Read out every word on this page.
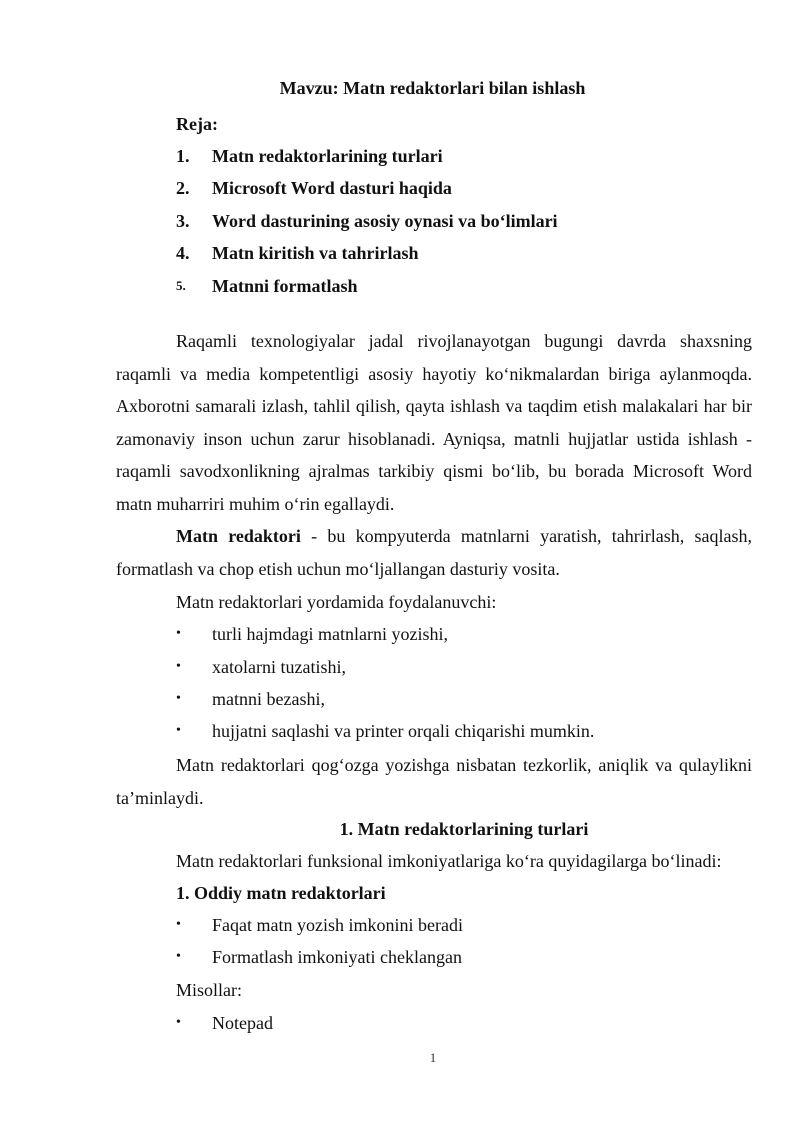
Mavzu: Matn redaktorlari bilan ishlash
Reja:
1.	Matn redaktorlarining turlari
2.	Microsoft Word dasturi haqida
3.	Word dasturining asosiy oynasi va bo‘limlari
4.	Matn kiritish va tahrirlash
5.	Matnni formatlash
Raqamli texnologiyalar jadal rivojlanayotgan bugungi davrda shaxsning raqamli va media kompetentligi asosiy hayotiy ko‘nikmalardan biriga aylanmoqda. Axborotni samarali izlash, tahlil qilish, qayta ishlash va taqdim etish malakalari har bir zamonaviy inson uchun zarur hisoblanadi. Ayniqsa, matnli hujjatlar ustida ishlash - raqamli savodxonlikning ajralmas tarkibiy qismi bo‘lib, bu borada Microsoft Word matn muharriri muhim o‘rin egallaydi.
Matn redaktori - bu kompyuterda matnlarni yaratish, tahrirlash, saqlash, formatlash va chop etish uchun mo‘ljallangan dasturiy vosita.
Matn redaktorlari yordamida foydalanuvchi:
•	turli hajmdagi matnlarni yozishi,
•	xatolarni tuzatishi,
•	matnni bezashi,
•	hujjatni saqlashi va printer orqali chiqarishi mumkin.
Matn redaktorlari qog‘ozga yozishga nisbatan tezkorlik, aniqlik va qulaylikni ta’minlaydi.
1. Matn redaktorlarining turlari
Matn redaktorlari funksional imkoniyatlariga ko‘ra quyidagilarga bo‘linadi:
1. Oddiy matn redaktorlari
•	Faqat matn yozish imkonini beradi
•	Formatlash imkoniyati cheklangan
Misollar:
•	Notepad
1
